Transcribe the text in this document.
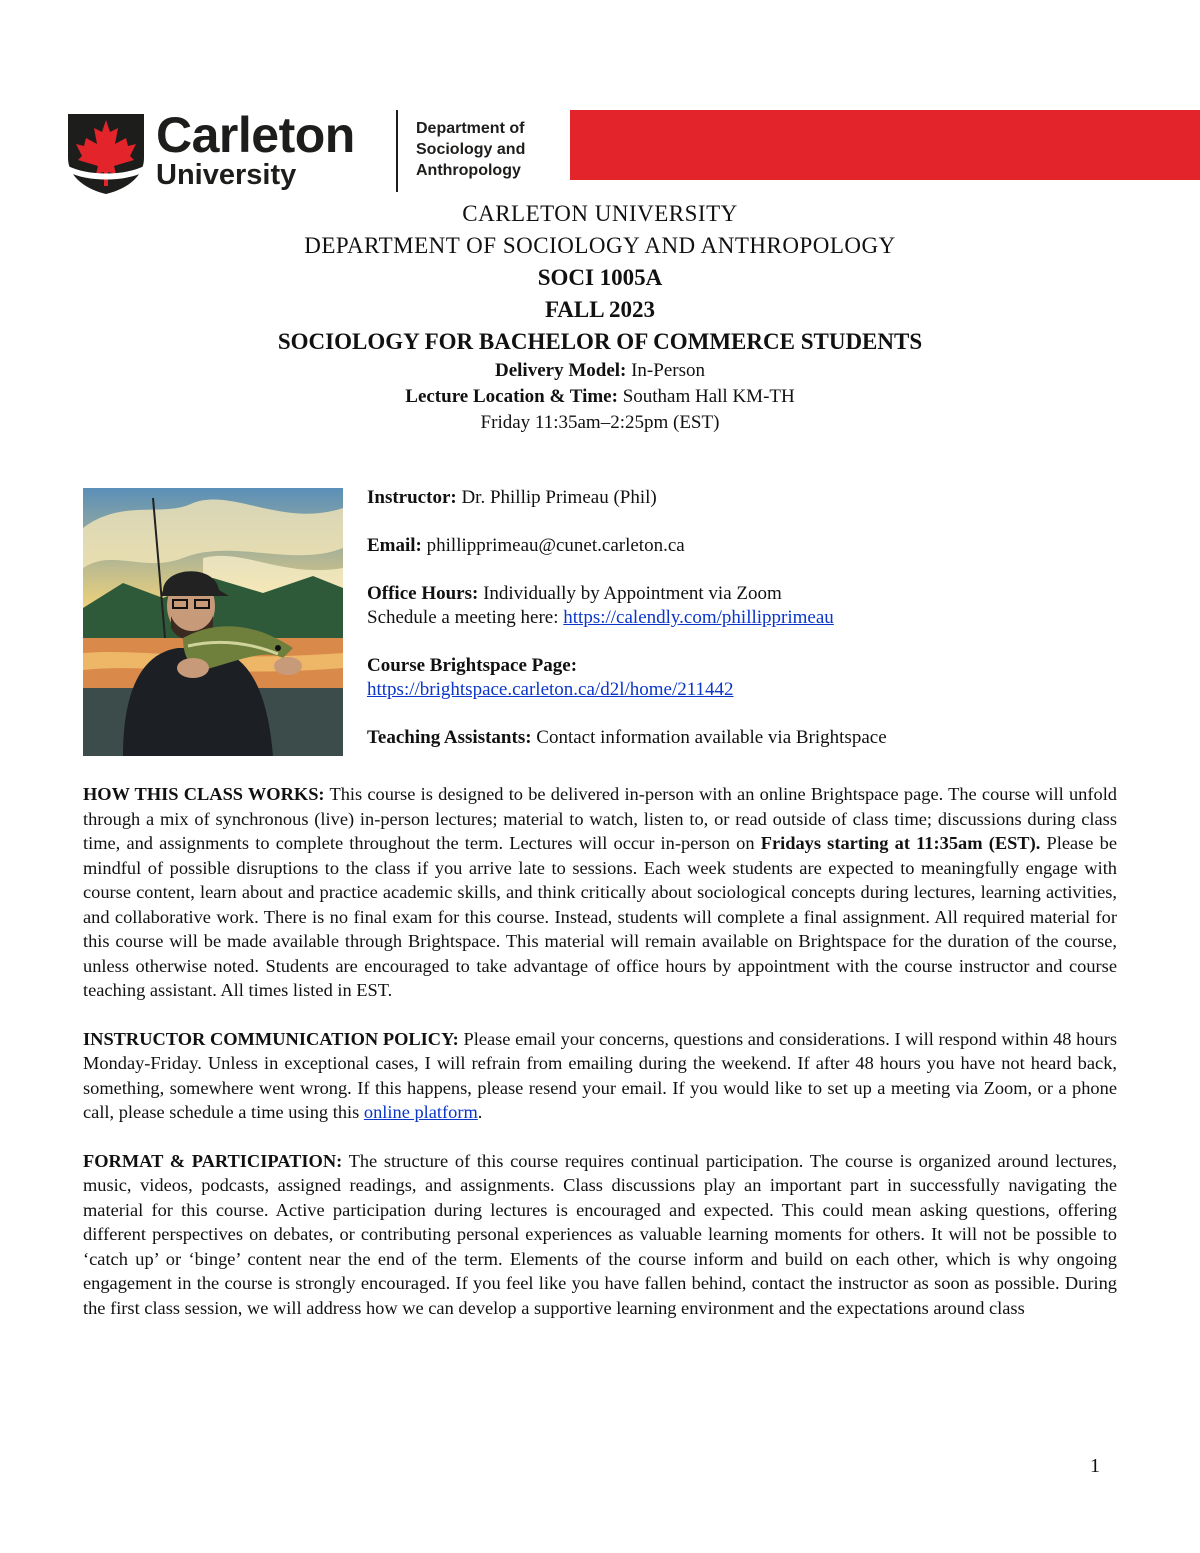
Carleton
University
Department of
Sociology and
Anthropology
CARLETON UNIVERSITY
DEPARTMENT OF SOCIOLOGY AND ANTHROPOLOGY
SOCI 1005A
FALL 2023
SOCIOLOGY FOR BACHELOR OF COMMERCE STUDENTS
Delivery Model: In-Person
Lecture Location & Time: Southam Hall KM-TH
Friday 11:35am–2:25pm (EST)

Instructor: Dr. Phillip Primeau (Phil)

Email: phillipprimeau@cunet.carleton.ca

Office Hours: Individually by Appointment via Zoom
Schedule a meeting here: https://calendly.com/phillipprimeau

Course Brightspace Page:
https://brightspace.carleton.ca/d2l/home/211442

Teaching Assistants: Contact information available via Brightspace

HOW THIS CLASS WORKS: This course is designed to be delivered in-person with an online Brightspace page. The course will unfold through a mix of synchronous (live) in-person lectures; material to watch, listen to, or read outside of class time; discussions during class time, and assignments to complete throughout the term. Lectures will occur in-person on Fridays starting at 11:35am (EST). Please be mindful of possible disruptions to the class if you arrive late to sessions. Each week students are expected to meaningfully engage with course content, learn about and practice academic skills, and think critically about sociological concepts during lectures, learning activities, and collaborative work. There is no final exam for this course. Instead, students will complete a final assignment. All required material for this course will be made available through Brightspace. This material will remain available on Brightspace for the duration of the course, unless otherwise noted. Students are encouraged to take advantage of office hours by appointment with the course instructor and course teaching assistant. All times listed in EST.

INSTRUCTOR COMMUNICATION POLICY: Please email your concerns, questions and considerations. I will respond within 48 hours Monday-Friday. Unless in exceptional cases, I will refrain from emailing during the weekend. If after 48 hours you have not heard back, something, somewhere went wrong. If this happens, please resend your email. If you would like to set up a meeting via Zoom, or a phone call, please schedule a time using this online platform.

FORMAT & PARTICIPATION: The structure of this course requires continual participation. The course is organized around lectures, music, videos, podcasts, assigned readings, and assignments. Class discussions play an important part in successfully navigating the material for this course. Active participation during lectures is encouraged and expected. This could mean asking questions, offering different perspectives on debates, or contributing personal experiences as valuable learning moments for others. It will not be possible to ‘catch up’ or ‘binge’ content near the end of the term. Elements of the course inform and build on each other, which is why ongoing engagement in the course is strongly encouraged. If you feel like you have fallen behind, contact the instructor as soon as possible. During the first class session, we will address how we can develop a supportive learning environment and the expectations around class

1
